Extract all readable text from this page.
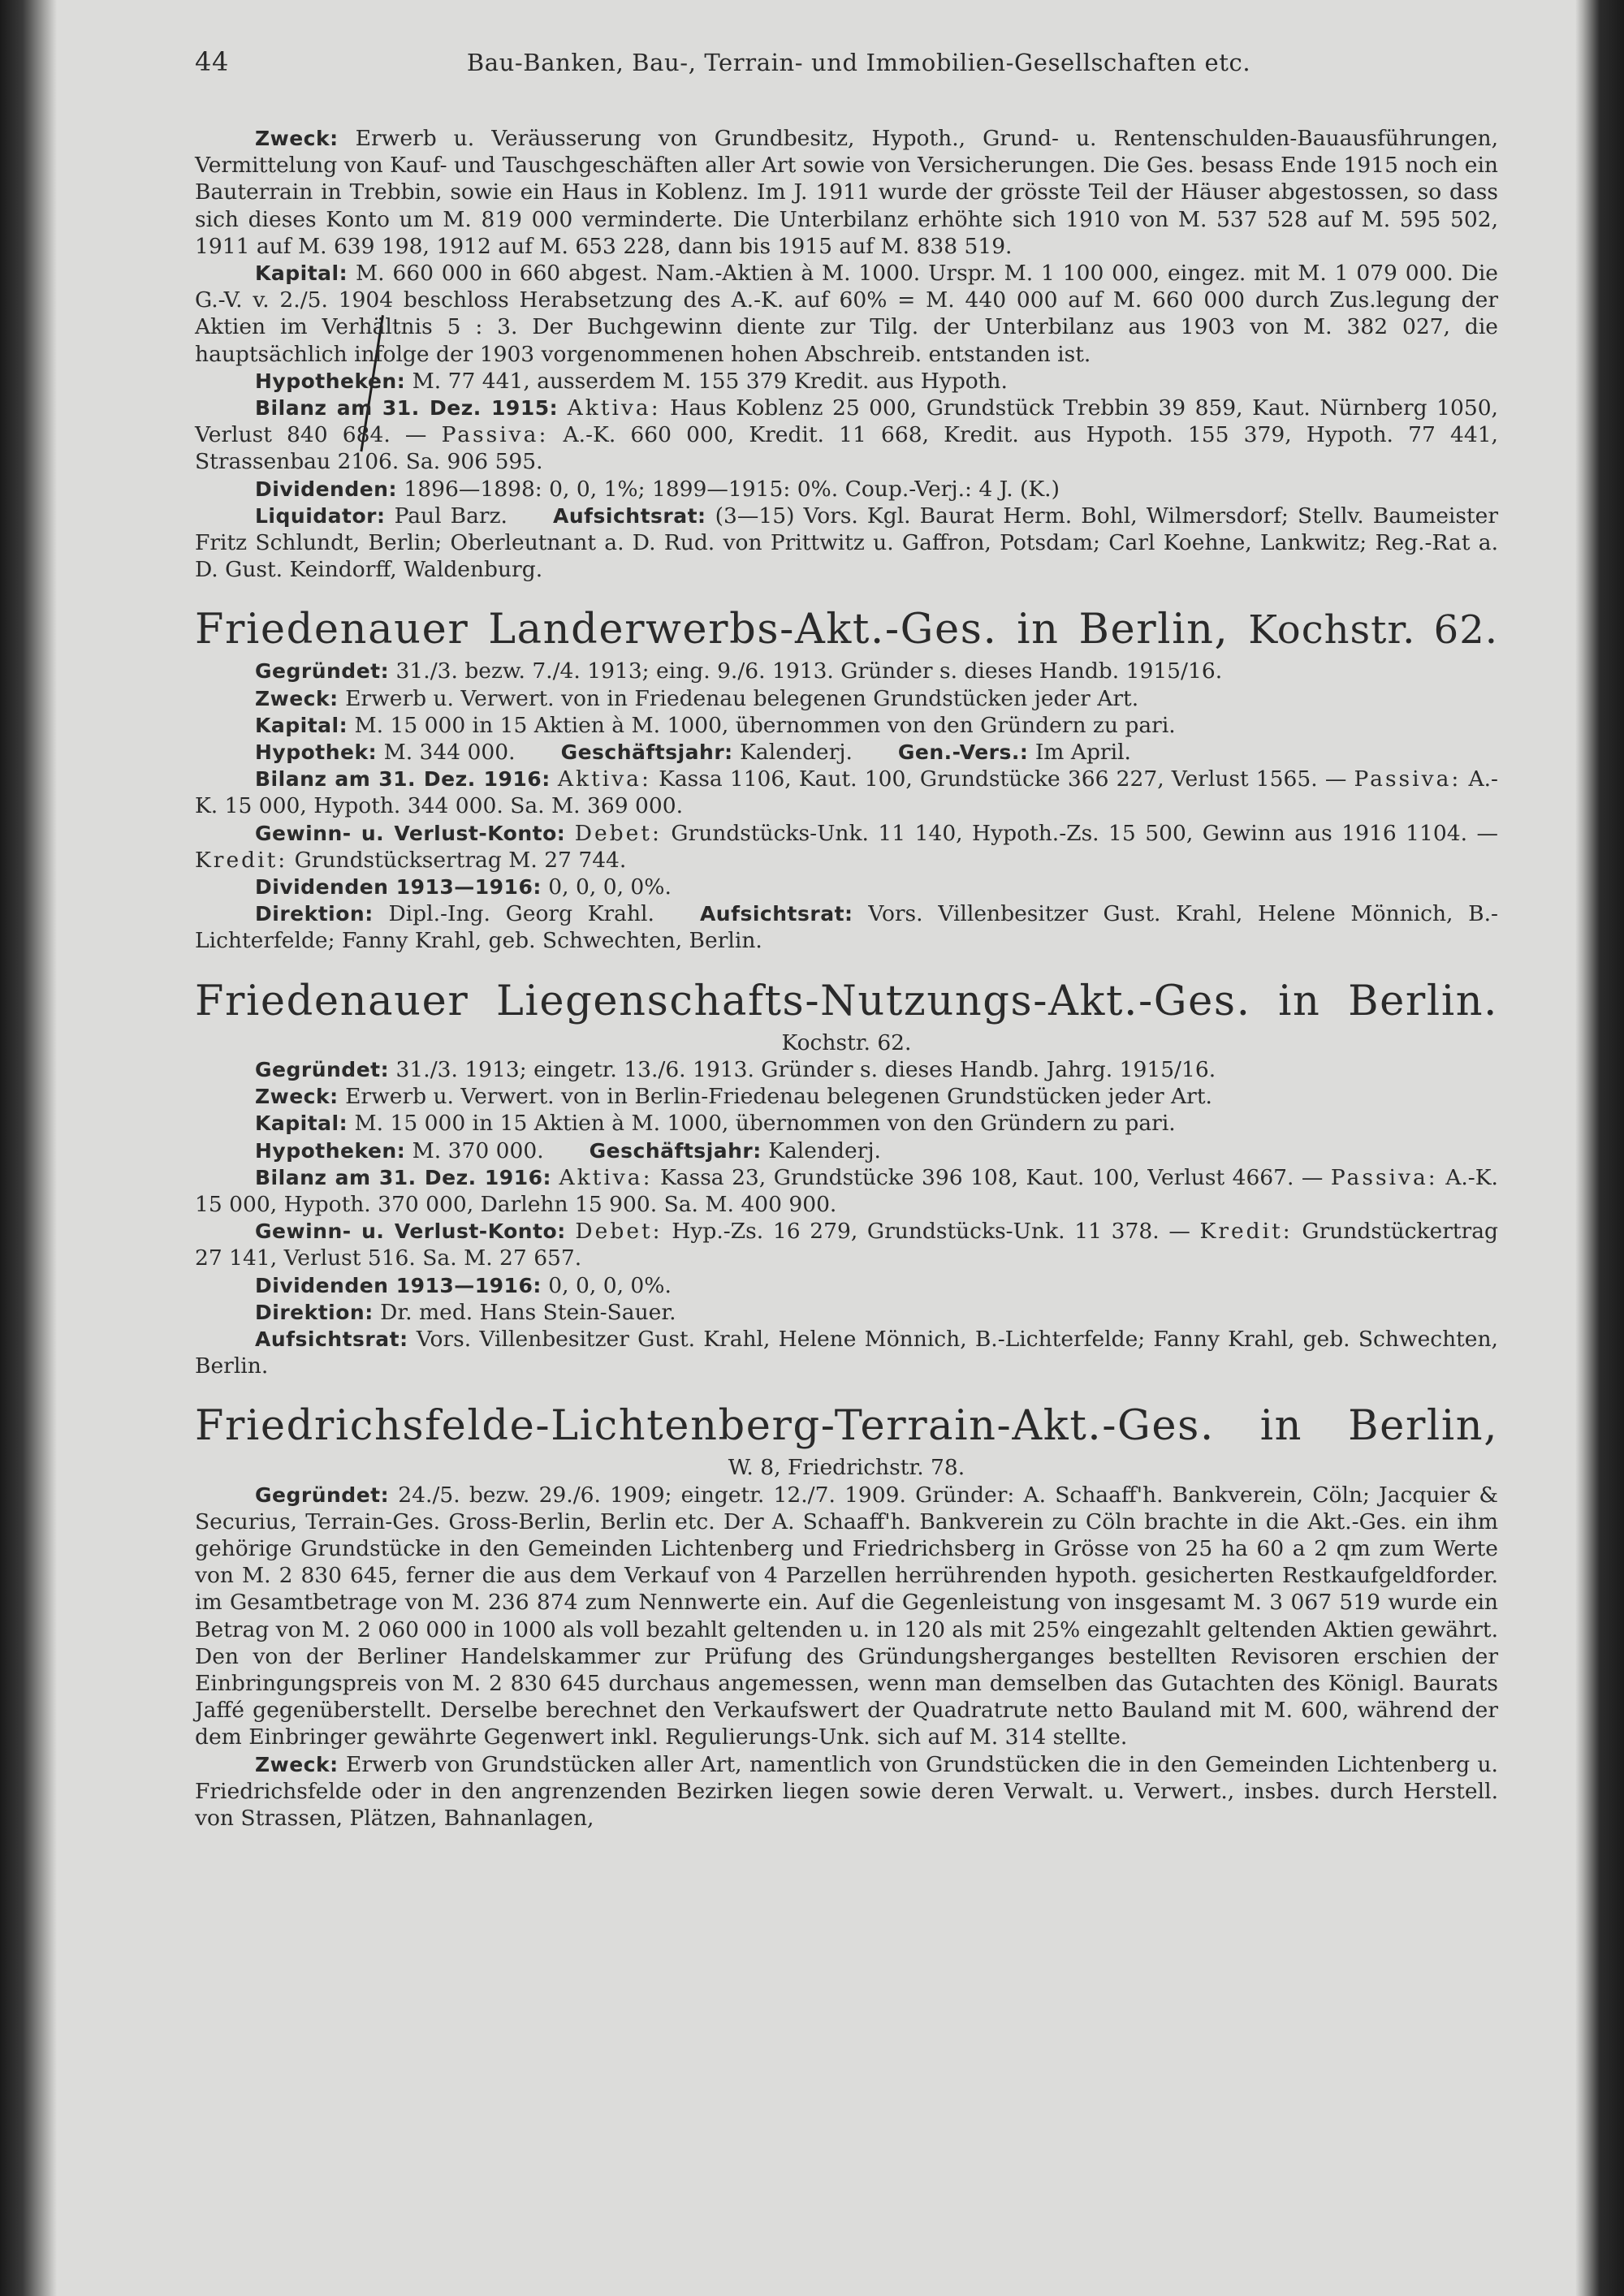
44	Bau-Banken, Bau-, Terrain- und Immobilien-Gesellschaften etc.

Zweck: Erwerb u. Veräusserung von Grundbesitz, Hypoth., Grund- u. Rentenschulden-Bauausführungen, Vermittelung von Kauf- und Tauschgeschäften aller Art sowie von Versicherungen. Die Ges. besass Ende 1915 noch ein Bauterrain in Trebbin, sowie ein Haus in Koblenz. Im J. 1911 wurde der grösste Teil der Häuser abgestossen, so dass sich dieses Konto um M. 819 000 verminderte. Die Unterbilanz erhöhte sich 1910 von M. 537 528 auf M. 595 502, 1911 auf M. 639 198, 1912 auf M. 653 228, dann bis 1915 auf M. 838 519.

Kapital: M. 660 000 in 660 abgest. Nam.-Aktien à M. 1000. Urspr. M. 1 100 000, eingez. mit M. 1 079 000. Die G.-V. v. 2./5. 1904 beschloss Herabsetzung des A.-K. auf 60% = M. 440 000 auf M. 660 000 durch Zus.legung der Aktien im Verhältnis 5 : 3. Der Buchgewinn diente zur Tilg. der Unterbilanz aus 1903 von M. 382 027, die hauptsächlich infolge der 1903 vorgenommenen hohen Abschreib. entstanden ist.

Hypotheken: M. 77 441, ausserdem M. 155 379 Kredit. aus Hypoth.

Bilanz am 31. Dez. 1915: Aktiva: Haus Koblenz 25 000, Grundstück Trebbin 39 859, Kaut. Nürnberg 1050, Verlust 840 684. — Passiva: A.-K. 660 000, Kredit. 11 668, Kredit. aus Hypoth. 155 379, Hypoth. 77 441, Strassenbau 2106. Sa. 906 595.

Dividenden: 1896—1898: 0, 0, 1%; 1899—1915: 0%. Coup.-Verj.: 4 J. (K.)

Liquidator: Paul Barz. Aufsichtsrat: (3—15) Vors. Kgl. Baurat Herm. Bohl, Wilmersdorf; Stellv. Baumeister Fritz Schlundt, Berlin; Oberleutnant a. D. Rud. von Prittwitz u. Gaffron, Potsdam; Carl Koehne, Lankwitz; Reg.-Rat a. D. Gust. Keindorff, Waldenburg.

Friedenauer Landerwerbs-Akt.-Ges. in Berlin, Kochstr. 62.

Gegründet: 31./3. bezw. 7./4. 1913; eing. 9./6. 1913. Gründer s. dieses Handb. 1915/16.

Zweck: Erwerb u. Verwert. von in Friedenau belegenen Grundstücken jeder Art.

Kapital: M. 15 000 in 15 Aktien à M. 1000, übernommen von den Gründern zu pari.

Hypothek: M. 344 000. Geschäftsjahr: Kalenderj. Gen.-Vers.: Im April.

Bilanz am 31. Dez. 1916: Aktiva: Kassa 1106, Kaut. 100, Grundstücke 366 227, Verlust 1565. — Passiva: A.-K. 15 000, Hypoth. 344 000. Sa. M. 369 000.

Gewinn- u. Verlust-Konto: Debet: Grundstücks-Unk. 11 140, Hypoth.-Zs. 15 500, Gewinn aus 1916 1104. — Kredit: Grundstücksertrag M. 27 744.

Dividenden 1913—1916: 0, 0, 0, 0%.

Direktion: Dipl.-Ing. Georg Krahl. Aufsichtsrat: Vors. Villenbesitzer Gust. Krahl, Helene Mönnich, B.-Lichterfelde; Fanny Krahl, geb. Schwechten, Berlin.

Friedenauer Liegenschafts-Nutzungs-Akt.-Ges. in Berlin.

Kochstr. 62.

Gegründet: 31./3. 1913; eingetr. 13./6. 1913. Gründer s. dieses Handb. Jahrg. 1915/16.

Zweck: Erwerb u. Verwert. von in Berlin-Friedenau belegenen Grundstücken jeder Art.

Kapital: M. 15 000 in 15 Aktien à M. 1000, übernommen von den Gründern zu pari.

Hypotheken: M. 370 000. Geschäftsjahr: Kalenderj.

Bilanz am 31. Dez. 1916: Aktiva: Kassa 23, Grundstücke 396 108, Kaut. 100, Verlust 4667. — Passiva: A.-K. 15 000, Hypoth. 370 000, Darlehn 15 900. Sa. M. 400 900.

Gewinn- u. Verlust-Konto: Debet: Hyp.-Zs. 16 279, Grundstücks-Unk. 11 378. — Kredit: Grundstückertrag 27 141, Verlust 516. Sa. M. 27 657.

Dividenden 1913—1916: 0, 0, 0, 0%.

Direktion: Dr. med. Hans Stein-Sauer.

Aufsichtsrat: Vors. Villenbesitzer Gust. Krahl, Helene Mönnich, B.-Lichterfelde; Fanny Krahl, geb. Schwechten, Berlin.

Friedrichsfelde-Lichtenberg-Terrain-Akt.-Ges. in Berlin,

W. 8, Friedrichstr. 78.

Gegründet: 24./5. bezw. 29./6. 1909; eingetr. 12./7. 1909. Gründer: A. Schaaff'h. Bankverein, Cöln; Jacquier & Securius, Terrain-Ges. Gross-Berlin, Berlin etc. Der A. Schaaff'h. Bankverein zu Cöln brachte in die Akt.-Ges. ein ihm gehörige Grundstücke in den Gemeinden Lichtenberg und Friedrichsberg in Grösse von 25 ha 60 a 2 qm zum Werte von M. 2 830 645, ferner die aus dem Verkauf von 4 Parzellen herrührenden hypoth. gesicherten Restkaufgeldforder. im Gesamtbetrage von M. 236 874 zum Nennwerte ein. Auf die Gegenleistung von insgesamt M. 3 067 519 wurde ein Betrag von M. 2 060 000 in 1000 als voll bezahlt geltenden u. in 120 als mit 25% eingezahlt geltenden Aktien gewährt. Den von der Berliner Handelskammer zur Prüfung des Gründungsherganges bestellten Revisoren erschien der Einbringungspreis von M. 2 830 645 durchaus angemessen, wenn man demselben das Gutachten des Königl. Baurats Jaffé gegenüberstellt. Derselbe berechnet den Verkaufswert der Quadratrute netto Bauland mit M. 600, während der dem Einbringer gewährte Gegenwert inkl. Regulierungs-Unk. sich auf M. 314 stellte.

Zweck: Erwerb von Grundstücken aller Art, namentlich von Grundstücken die in den Gemeinden Lichtenberg u. Friedrichsfelde oder in den angrenzenden Bezirken liegen sowie deren Verwalt. u. Verwert., insbes. durch Herstell. von Strassen, Plätzen, Bahnanlagen,
